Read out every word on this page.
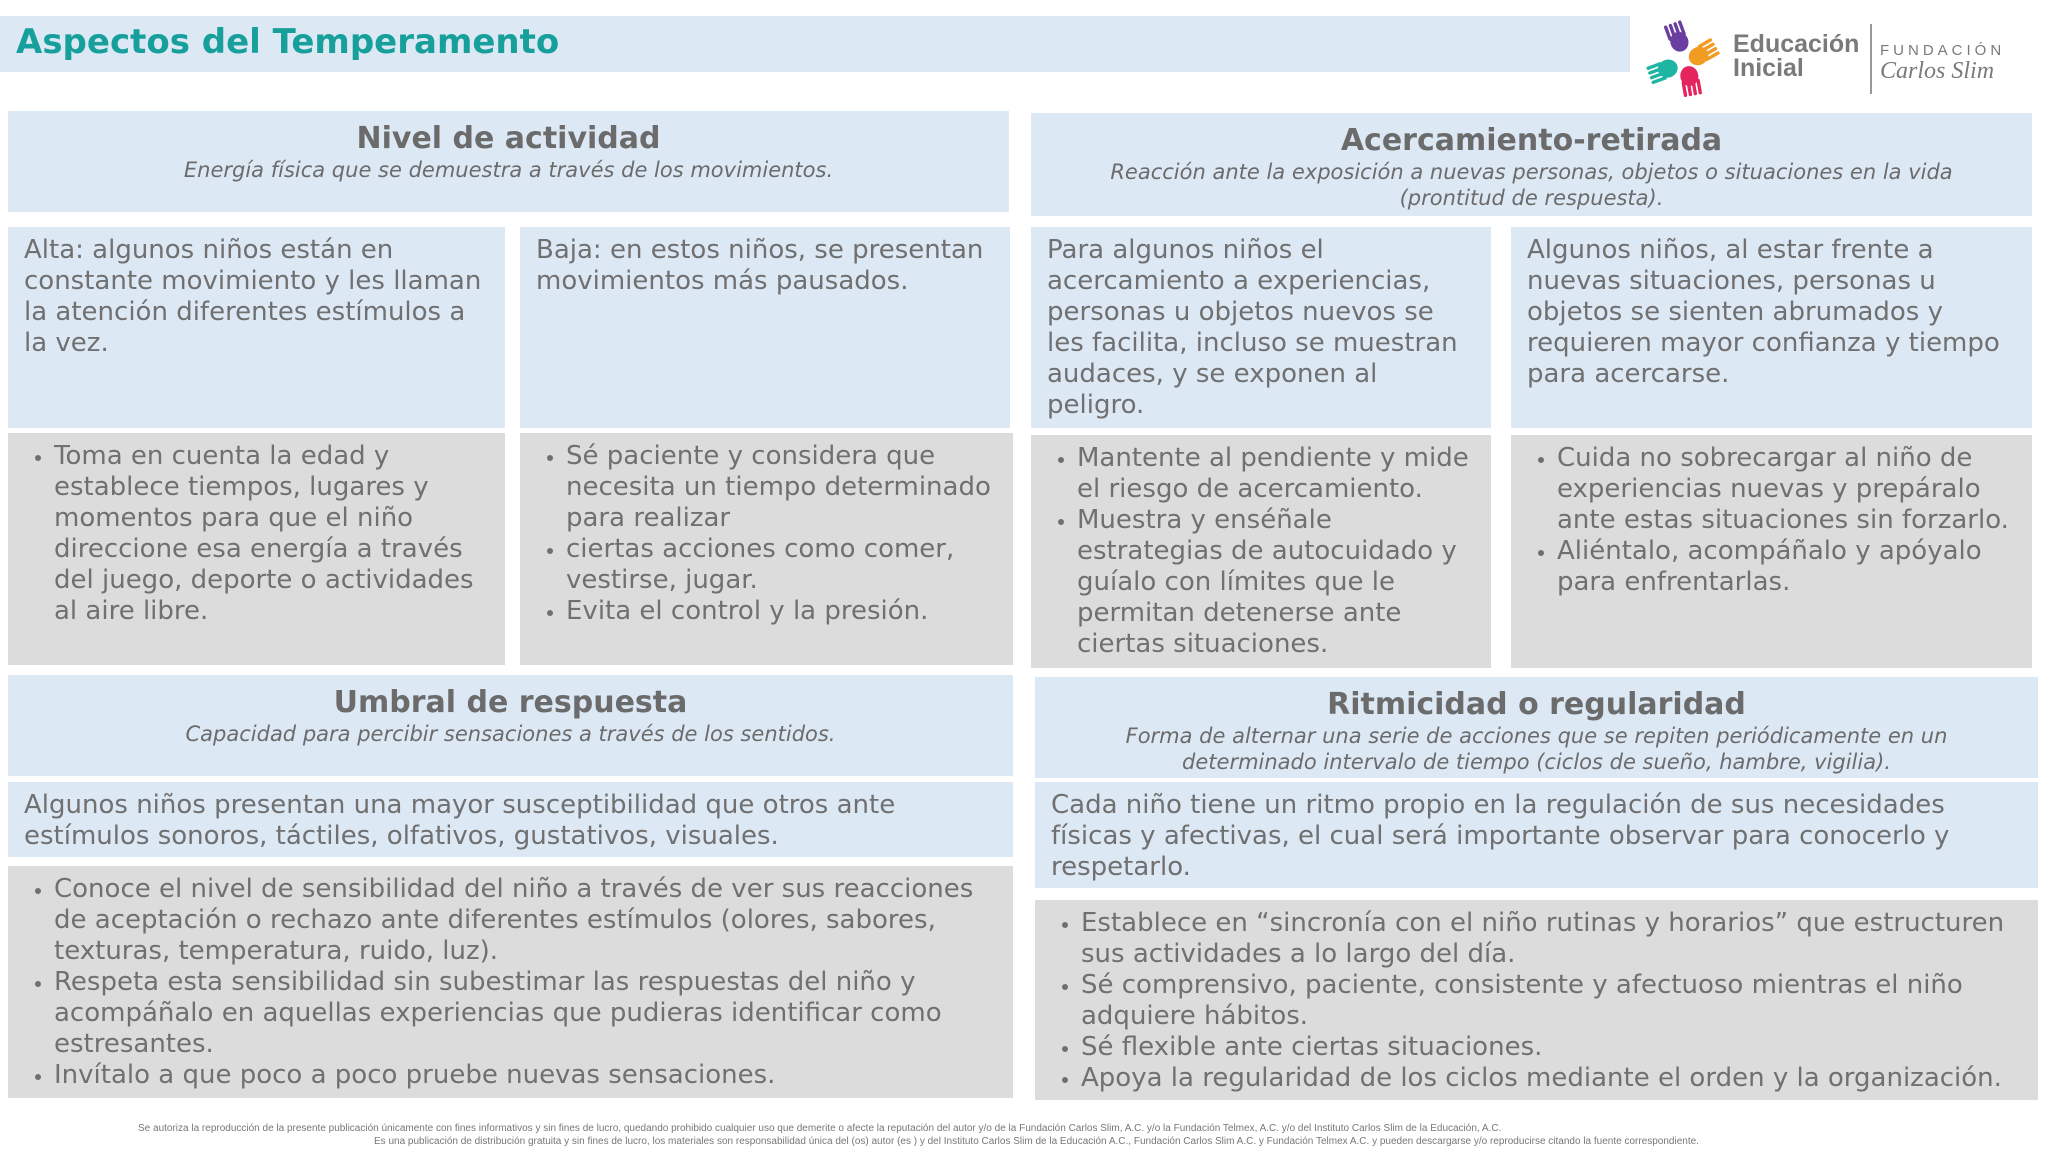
Aspectos del Temperamento	Educación
Inicial
FUNDACIÓN
Carlos Slim
Nivel de actividad
Energía física que se demuestra a través de los movimientos.
Alta: algunos niños están en constante movimiento y les llaman la atención diferentes estímulos a la vez.
Baja: en estos niños, se presentan movimientos más pausados.
• Toma en cuenta la edad y establece tiempos, lugares y momentos para que el niño direccione esa energía a través del juego, deporte o actividades al aire libre.
• Sé paciente y considera que necesita un tiempo determinado para realizar
• ciertas acciones como comer, vestirse, jugar.
• Evita el control y la presión.
Acercamiento-retirada
Reacción ante la exposición a nuevas personas, objetos o situaciones en la vida (prontitud de respuesta).
Para algunos niños el acercamiento a experiencias, personas u objetos nuevos se les facilita, incluso se muestran audaces, y se exponen al peligro.
Algunos niños, al estar frente a nuevas situaciones, personas u objetos se sienten abrumados y requieren mayor confianza y tiempo para acercarse.
• Mantente al pendiente y mide el riesgo de acercamiento.
• Muestra y enséñale estrategias de autocuidado y guíalo con límites que le permitan detenerse ante ciertas situaciones.
• Cuida no sobrecargar al niño de experiencias nuevas y prepáralo ante estas situaciones sin forzarlo.
• Aliéntalo, acompáñalo y apóyalo para enfrentarlas.
Umbral de respuesta
Capacidad para percibir sensaciones a través de los sentidos.
Algunos niños presentan una mayor susceptibilidad que otros ante estímulos sonoros, táctiles, olfativos, gustativos, visuales.
• Conoce el nivel de sensibilidad del niño a través de ver sus reacciones de aceptación o rechazo ante diferentes estímulos (olores, sabores, texturas, temperatura, ruido, luz).
• Respeta esta sensibilidad sin subestimar las respuestas del niño y acompáñalo en aquellas experiencias que pudieras identificar como estresantes.
• Invítalo a que poco a poco pruebe nuevas sensaciones.
Ritmicidad o regularidad
Forma de alternar una serie de acciones que se repiten periódicamente en un determinado intervalo de tiempo (ciclos de sueño, hambre, vigilia).
Cada niño tiene un ritmo propio en la regulación de sus necesidades físicas y afectivas, el cual será importante observar para conocerlo y respetarlo.
• Establece en “sincronía con el niño rutinas y horarios” que estructuren sus actividades a lo largo del día.
• Sé comprensivo, paciente, consistente y afectuoso mientras el niño adquiere hábitos.
• Sé flexible ante ciertas situaciones.
• Apoya la regularidad de los ciclos mediante el orden y la organización.
Se autoriza la reproducción de la presente publicación únicamente con fines informativos y sin fines de lucro, quedando prohibido cualquier uso que demerite o afecte la reputación del autor y/o de la Fundación Carlos Slim, A.C. y/o la Fundación Telmex, A.C. y/o del Instituto Carlos Slim de la Educación, A.C.
Es una publicación de distribución gratuita y sin fines de lucro, los materiales son responsabilidad única del (os) autor (es ) y del Instituto Carlos Slim de la Educación A.C., Fundación Carlos Slim A.C. y Fundación Telmex A.C. y pueden descargarse y/o reproducirse citando la fuente correspondiente.
